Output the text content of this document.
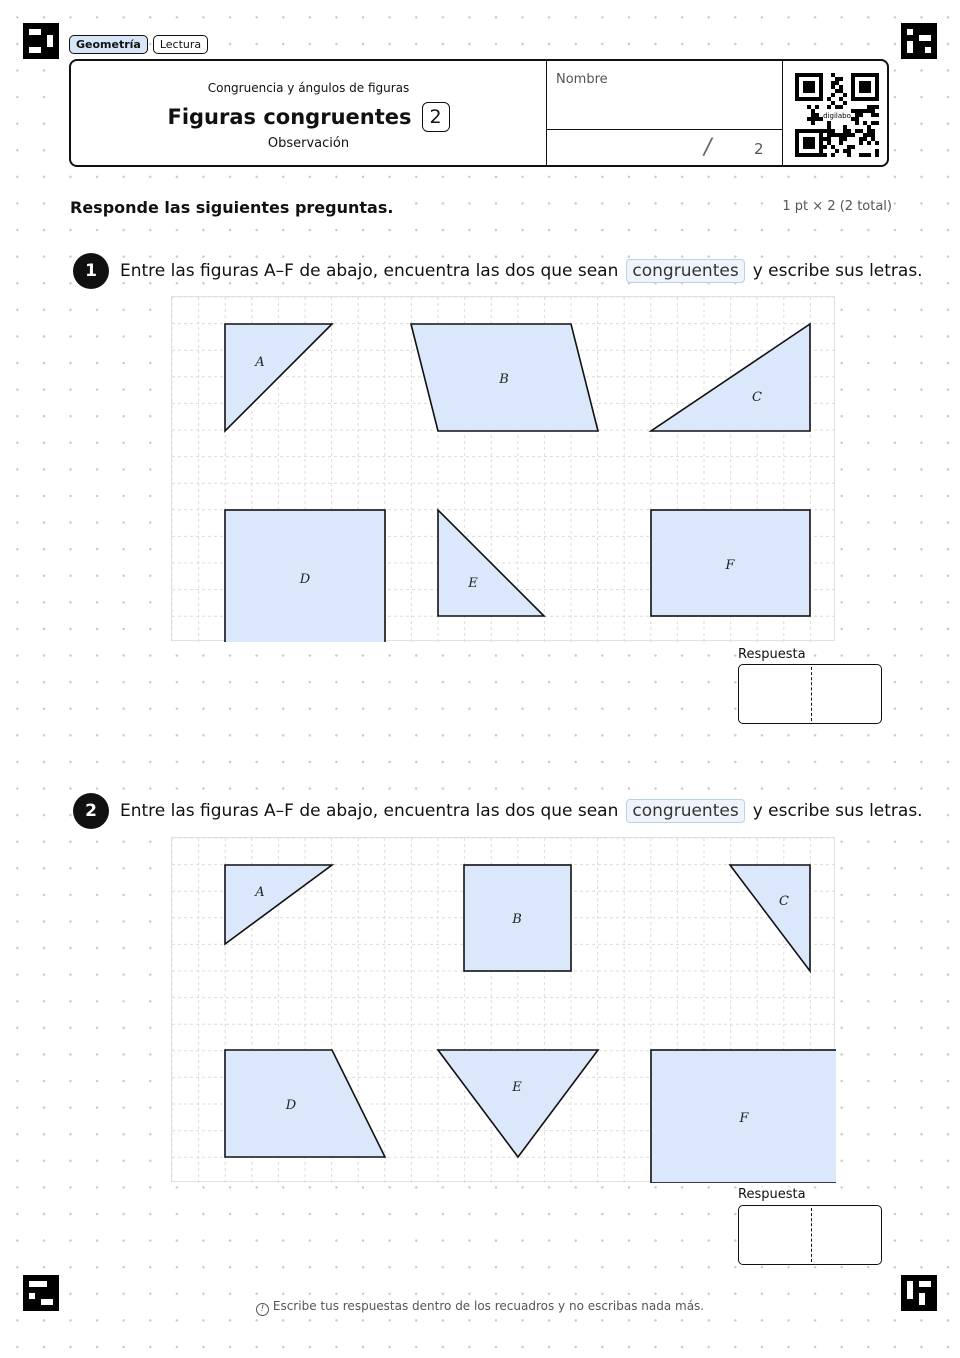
Geometría	Lectura
Congruencia y ángulos de figuras
Figuras congruentes 2
Observación
Nombre
/	2
digilabo
Responde las siguientes preguntas.	1 pt × 2 (2 total)
1	Entre las figuras A–F de abajo, encuentra las dos que sean congruentes y escribe sus letras.
A
B
C
D	E
F
Respuesta
2	Entre las figuras A–F de abajo, encuentra las dos que sean congruentes y escribe sus letras.
A
B
C
D
E
F
Respuesta
! Escribe tus respuestas dentro de los recuadros y no escribas nada más.
